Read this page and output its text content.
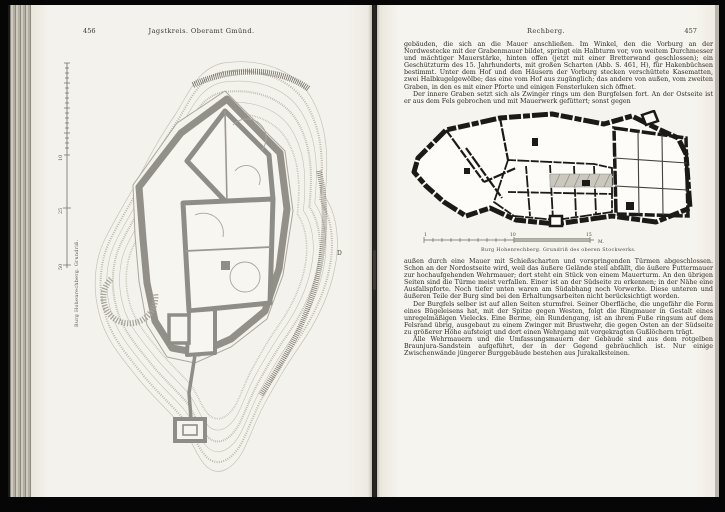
456	Jagstkreis. Oberamt Gmünd.
10
25
50 Burg Hohenrechberg. Grundriß.	D
Rechberg.	457

gebäuden, die sich an die Mauer anschließen. Im Winkel, den die Vorburg an der Nordwestecke mit der Grabenmauer bildet, springt ein Halbturm vor, von weitem Durchmesser und mächtiger Mauerstärke, hinten offen (jetzt mit einer Bretterwand geschlossen); ein Geschützturm des 15. Jahrhunderts, mit großen Scharten (Abb. S. 461, H), für Hakenbüchsen bestimmt. Unter dem Hof und den Häusern der Vorburg stecken verschüttete Kasematten, zwei Halbkugelgewölbe; das eine vom Hof aus zugänglich; das andere von außen, vom zweiten Graben, in den es mit einer Pforte und einigen Fensterluken sich öffnet.

Der innere Graben setzt sich als Zwinger rings um den Burgfelsen fort. An der Ostseite ist er aus dem Fels gebrochen und mit Mauerwerk gefüttert; sonst gegen

1	10	15
M.
Burg Hohenrechberg. Grundriß des oberen Stockwerks.

außen durch eine Mauer mit Schießscharten und vorspringenden Türmen abgeschlossen. Schon an der Nordostseite wird, weil das äußere Gelände steil abfällt, die äußere Futtermauer zur hochaufgehenden Wehrmauer; dort steht ein Stück von einem Mauerturm. An den übrigen Seiten sind die Türme meist verfallen. Einer ist an der Südseite zu erkennen; in der Nähe eine Ausfallspforte. Noch tiefer unten waren am Südabhang noch Vorwerke. Diese unteren und äußeren Teile der Burg sind bei den Erhaltungsarbeiten nicht berücksichtigt worden.

Der Burgfels selber ist auf allen Seiten sturmfrei. Seiner Oberfläche, die ungefähr die Form eines Bügeleisens hat, mit der Spitze gegen Westen, folgt die Ringmauer in Gestalt eines unregelmäßigen Vielecks. Eine Berme, ein Rundengang, ist an ihrem Fuße ringsum auf dem Felsrand übrig, ausgebaut zu einem Zwinger mit Brustwehr, die gegen Osten an der Südseite zu größerer Höhe aufsteigt und dort einen Wehrgang mit vorgekragten Gußlöchern trägt.

Alle Wehrmauern und die Umfassungsmauern der Gebäude sind aus dem rotgelben Braunjura-Sandstein aufgeführt, der in der Gegend gebräuchlich ist. Nur einige Zwischenwände jüngerer Burggebäude bestehen aus Jurakalksteinen.
